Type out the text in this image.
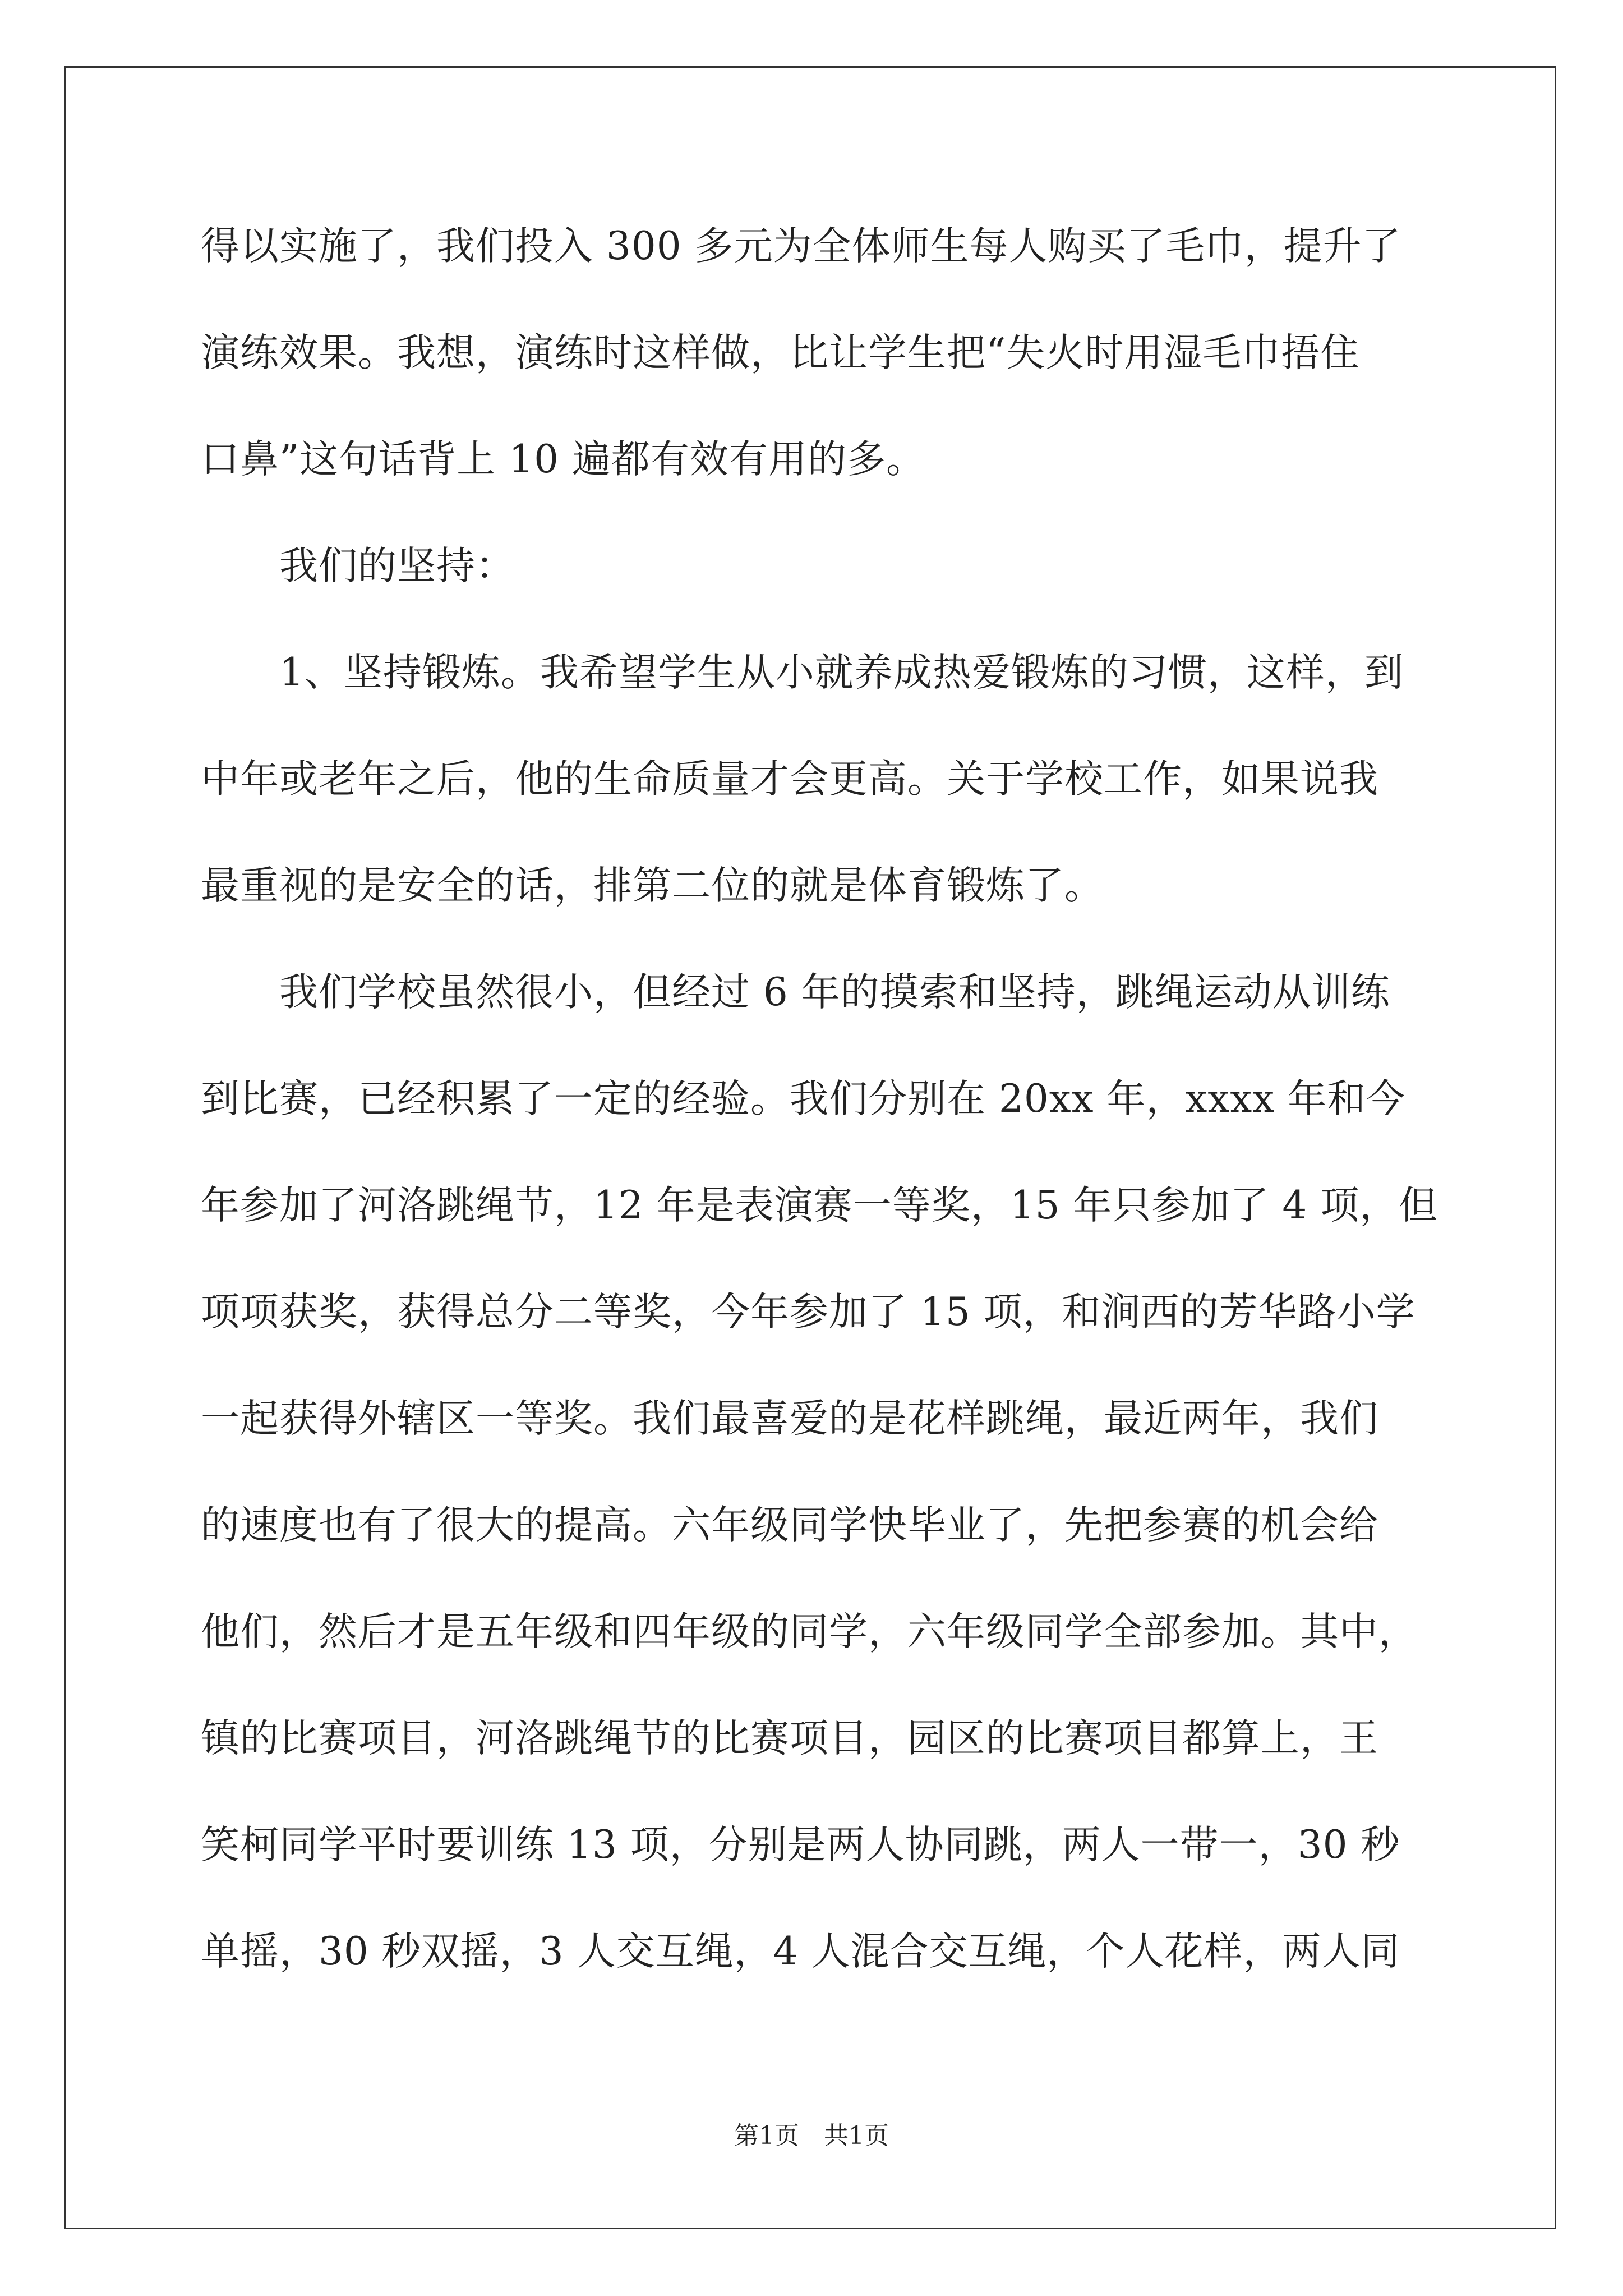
得以实施了，我们投入 300 多元为全体师生每人购买了毛巾，提升了
演练效果。我想，演练时这样做，比让学生把“失火时用湿毛巾捂住
口鼻”这句话背上 10 遍都有效有用的多。
　　我们的坚持：
　　1、坚持锻炼。我希望学生从小就养成热爱锻炼的习惯，这样，到
中年或老年之后，他的生命质量才会更高。关于学校工作，如果说我
最重视的是安全的话，排第二位的就是体育锻炼了。
　　我们学校虽然很小，但经过 6 年的摸索和坚持，跳绳运动从训练
到比赛，已经积累了一定的经验。我们分别在 20xx 年，xxxx 年和今
年参加了河洛跳绳节，12 年是表演赛一等奖，15 年只参加了 4 项，但
项项获奖，获得总分二等奖，今年参加了 15 项，和涧西的芳华路小学
一起获得外辖区一等奖。我们最喜爱的是花样跳绳，最近两年，我们
的速度也有了很大的提高。六年级同学快毕业了，先把参赛的机会给
他们，然后才是五年级和四年级的同学，六年级同学全部参加。其中，
镇的比赛项目，河洛跳绳节的比赛项目，园区的比赛项目都算上，王
笑柯同学平时要训练 13 项，分别是两人协同跳，两人一带一，30 秒
单摇，30 秒双摇，3 人交互绳，4 人混合交互绳，个人花样，两人同
第1页　共1页
